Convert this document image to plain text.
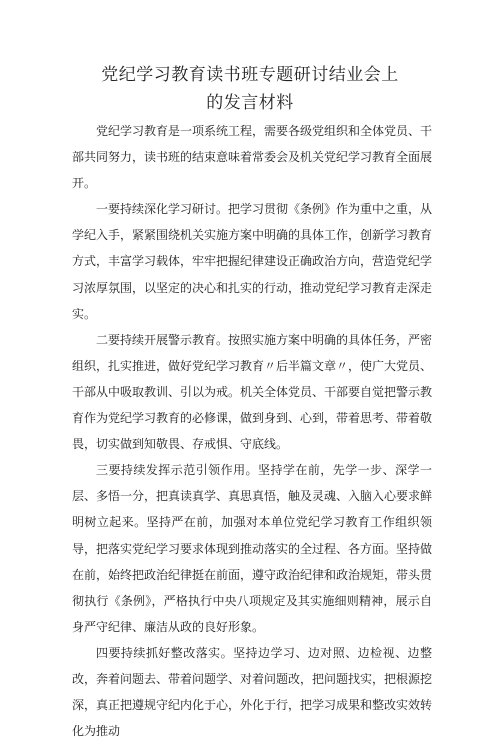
党纪学习教育读书班专题研讨结业会上
的发言材料

党纪学习教育是一项系统工程，需要各级党组织和全体党员、干部共同努力，读书班的结束意味着常委会及机关党纪学习教育全面展开。

一要持续深化学习研讨。把学习贯彻《条例》作为重中之重，从学纪入手，紧紧围绕机关实施方案中明确的具体工作，创新学习教育方式，丰富学习载体，牢牢把握纪律建设正确政治方向，营造党纪学习浓厚氛围，以坚定的决心和扎实的行动，推动党纪学习教育走深走实。

二要持续开展警示教育。按照实施方案中明确的具体任务，严密组织，扎实推进，做好党纪学习教育〃后半篇文章〃，使广大党员、干部从中吸取教训、引以为戒。机关全体党员、干部要自觉把警示教育作为党纪学习教育的必修课，做到身到、心到，带着思考、带着敬畏，切实做到知敬畏、存戒惧、守底线。

三要持续发挥示范引领作用。坚持学在前，先学一步、深学一层、多悟一分，把真读真学、真思真悟，触及灵魂、入脑入心要求鲜明树立起来。坚持严在前，加强对本单位党纪学习教育工作组织领导，把落实党纪学习要求体现到推动落实的全过程、各方面。坚持做在前，始终把政治纪律挺在前面，遵守政治纪律和政治规矩，带头贯彻执行《条例》，严格执行中央八项规定及其实施细则精神，展示自身严守纪律、廉洁从政的良好形象。

四要持续抓好整改落实。坚持边学习、边对照、边检视、边整改，奔着问题去、带着问题学、对着问题改，把问题找实，把根源挖深，真正把遵规守纪内化于心，外化于行，把学习成果和整改实效转化为推动
